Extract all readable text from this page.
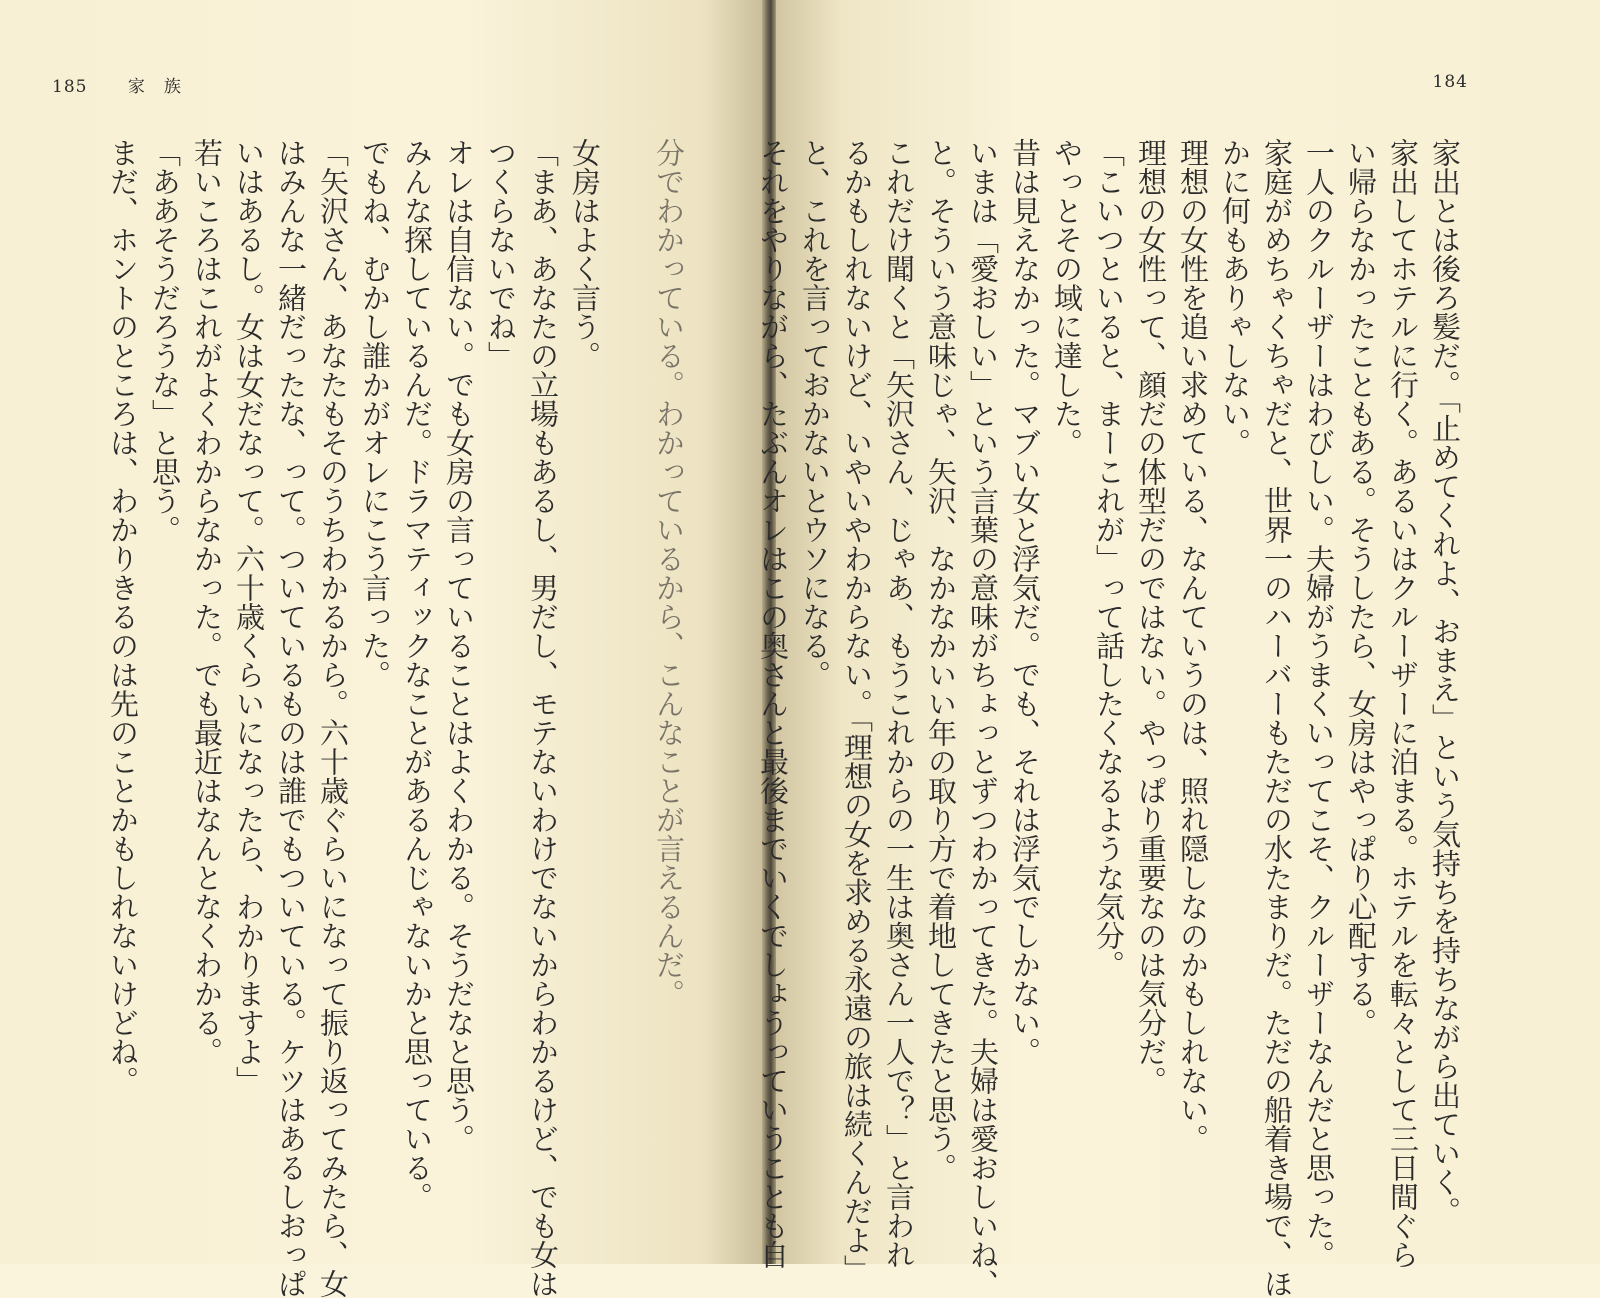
185 家　族
分でわかっている。わかっているから、こんなことが言えるんだ。
女房はよく言う。
「まあ、あなたの立場もあるし、男だし、モテないわけでないからわかるけど、でも女は
つくらないでね」
オレは自信ない。でも女房の言っていることはよくわかる。そうだなと思う。
みんな探しているんだ。ドラマティックなことがあるんじゃないかと思っている。
でもね、むかし誰かがオレにこう言った。
「矢沢さん、あなたもそのうちわかるから。六十歳ぐらいになって振り返ってみたら、女
はみんな一緒だったな、って。ついているものは誰でもついている。ケツはあるしおっぱ
いはあるし。女は女だなって。六十歳くらいになったら、わかりますよ」
若いころはこれがよくわからなかった。でも最近はなんとなくわかる。
「ああそうだろうな」と思う。
まだ、ホントのところは、わかりきるのは先のことかもしれないけどね。
184
家出とは後ろ髪だ。「止めてくれよ、おまえ」という気持ちを持ちながら出ていく。
家出してホテルに行く。あるいはクルーザーに泊まる。ホテルを転々として三日間ぐら
い帰らなかったこともある。そうしたら、女房はやっぱり心配する。
一人のクルーザーはわびしい。夫婦がうまくいってこそ、クルーザーなんだと思った。
家庭がめちゃくちゃだと、世界一のハーバーもただの水たまりだ。ただの船着き場で、ほ
かに何もありゃしない。
理想の女性を追い求めている、なんていうのは、照れ隠しなのかもしれない。
理想の女性って、顔だの体型だのではない。やっぱり重要なのは気分だ。
「こいつといると、まーこれが」って話したくなるような気分。
やっとその域に達した。
昔は見えなかった。マブい女と浮気だ。でも、それは浮気でしかない。
いまは「愛おしい」という言葉の意味がちょっとずつわかってきた。夫婦は愛おしいね、
と。そういう意味じゃ、矢沢、なかなかいい年の取り方で着地してきたと思う。
これだけ聞くと「矢沢さん、じゃあ、もうこれからの一生は奥さん一人で？」と言われ
るかもしれないけど、いやいやわからない。「理想の女を求める永遠の旅は続くんだよ」
と、これを言っておかないとウソになる。
それをやりながら、たぶんオレはこの奥さんと最後までいくでしょうっていうことも自
